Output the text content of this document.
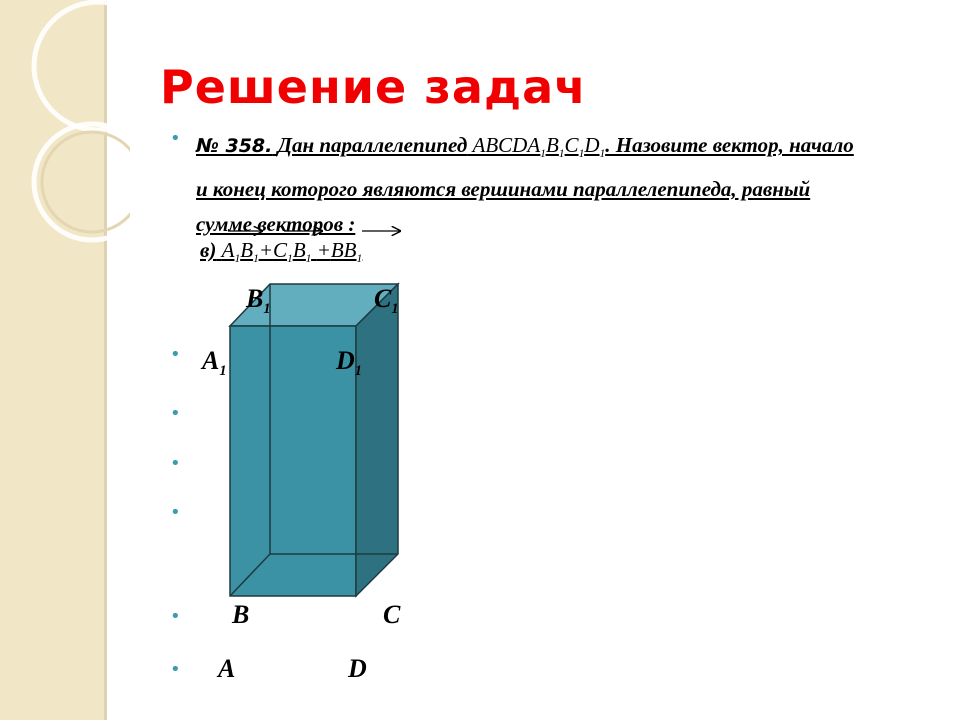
Решение задач
•
•
•
•
•
•
•
№ 358. Дан параллелепипед $ABCDA_1B_1C_1D_1$. Назовите вектор, начало и конец которого являются вершинами параллелепипеда, равный сумме векторов :
в) $A_1B_1+C_1B_1 +BB_1$
$B_1$	$C_1$
$A_1$	$D_1$
B	C
A	D
